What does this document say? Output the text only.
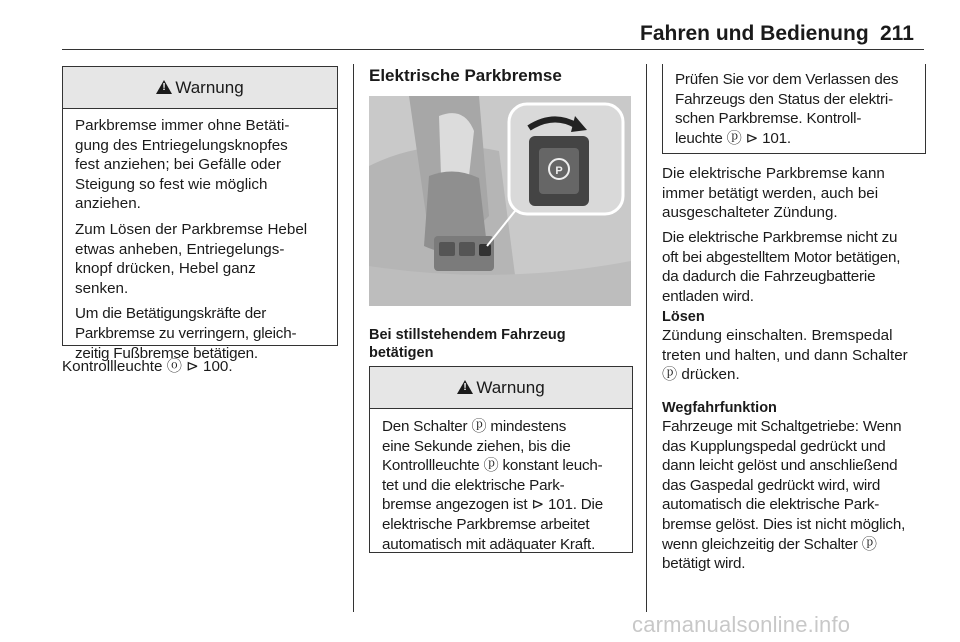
Fahren und Bedienung 211
!Warnung
Parkbremse immer ohne Betäti-
gung des Entriegelungsknopfes
fest anziehen; bei Gefälle oder
Steigung so fest wie möglich
anziehen.
Zum Lösen der Parkbremse Hebel
etwas anheben, Entriegelungs-
knopf drücken, Hebel ganz
senken.
Um die Betätigungskräfte der
Parkbremse zu verringern, gleich-
zeitig Fußbremse betätigen.
Kontrollleuchte ⓞ ⊳ 100.
Elektrische Parkbremse
P
Bei stillstehendem Fahrzeug
betätigen
!Warnung
Den Schalter ⓟ mindestens
eine Sekunde ziehen, bis die
Kontrollleuchte ⓟ konstant leuch-
tet und die elektrische Park-
bremse angezogen ist ⊳ 101. Die
elektrische Parkbremse arbeitet
automatisch mit adäquater Kraft.
Prüfen Sie vor dem Verlassen des
Fahrzeugs den Status der elektri-
schen Parkbremse. Kontroll-
leuchte ⓟ ⊳ 101.
Die elektrische Parkbremse kann
immer betätigt werden, auch bei
ausgeschalteter Zündung.
Die elektrische Parkbremse nicht zu
oft bei abgestelltem Motor betätigen,
da dadurch die Fahrzeugbatterie
entladen wird.
Lösen
Zündung einschalten. Bremspedal
treten und halten, und dann Schalter
ⓟ drücken.
Wegfahrfunktion
Fahrzeuge mit Schaltgetriebe: Wenn
das Kupplungspedal gedrückt und
dann leicht gelöst und anschließend
das Gaspedal gedrückt wird, wird
automatisch die elektrische Park-
bremse gelöst. Dies ist nicht möglich,
wenn gleichzeitig der Schalter ⓟ
betätigt wird.
carmanualsonline.info
